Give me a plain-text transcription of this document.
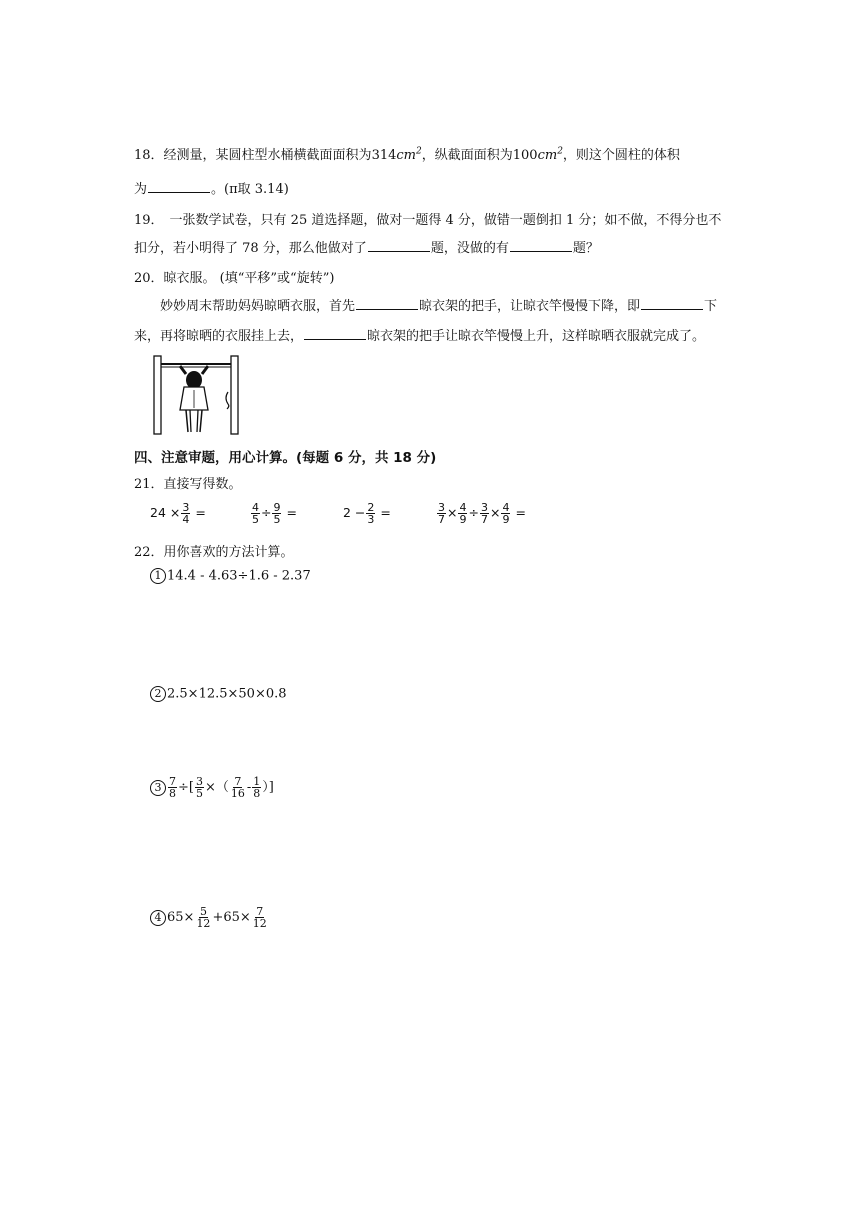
18．经测量，某圆柱型水桶横截面面积为$314cm^2$，纵截面面积为$100cm^2$，则这个圆柱的体积
为	。(π取 3.14)
19． 一张数学试卷，只有 25 道选择题，做对一题得 4 分，做错一题倒扣 1 分；如不做，不得分也不
扣分，若小明得了 78 分，那么他做对了	题，没做的有	题？
20．晾衣服。 (填“平移”或“旋转”)
妙妙周末帮助妈妈晾晒衣服，首先	晾衣架的把手，让晾衣竿慢慢下降，即	下
来，再将晾晒的衣服挂上去，	晾衣架的把手让晾衣竿慢慢上升，这样晾晒衣服就完成了。
四、注意审题，用心计算。(每题 6 分，共 18 分)
21．直接写得数。
$24 \times \frac{3}{4}$ =	$\frac{4}{5} \div \frac{9}{5}$ =	$2 - \frac{2}{3}$ =	$\frac{3}{7} \times \frac{4}{9} \div \frac{3}{7} \times \frac{4}{9}$ =
22．用你喜欢的方法计算。
1 14.4 - 4.63÷1.6 - 2.37
2 2.5×12.5×50×0.8
$3 \frac{7}{8}$ ÷[ $\frac{3}{5}$ ×（ $\frac{7}{16} - \frac{1}{8}$ ）]
4 $65\times \frac{5}{12} +65\times \frac{7}{12}$
